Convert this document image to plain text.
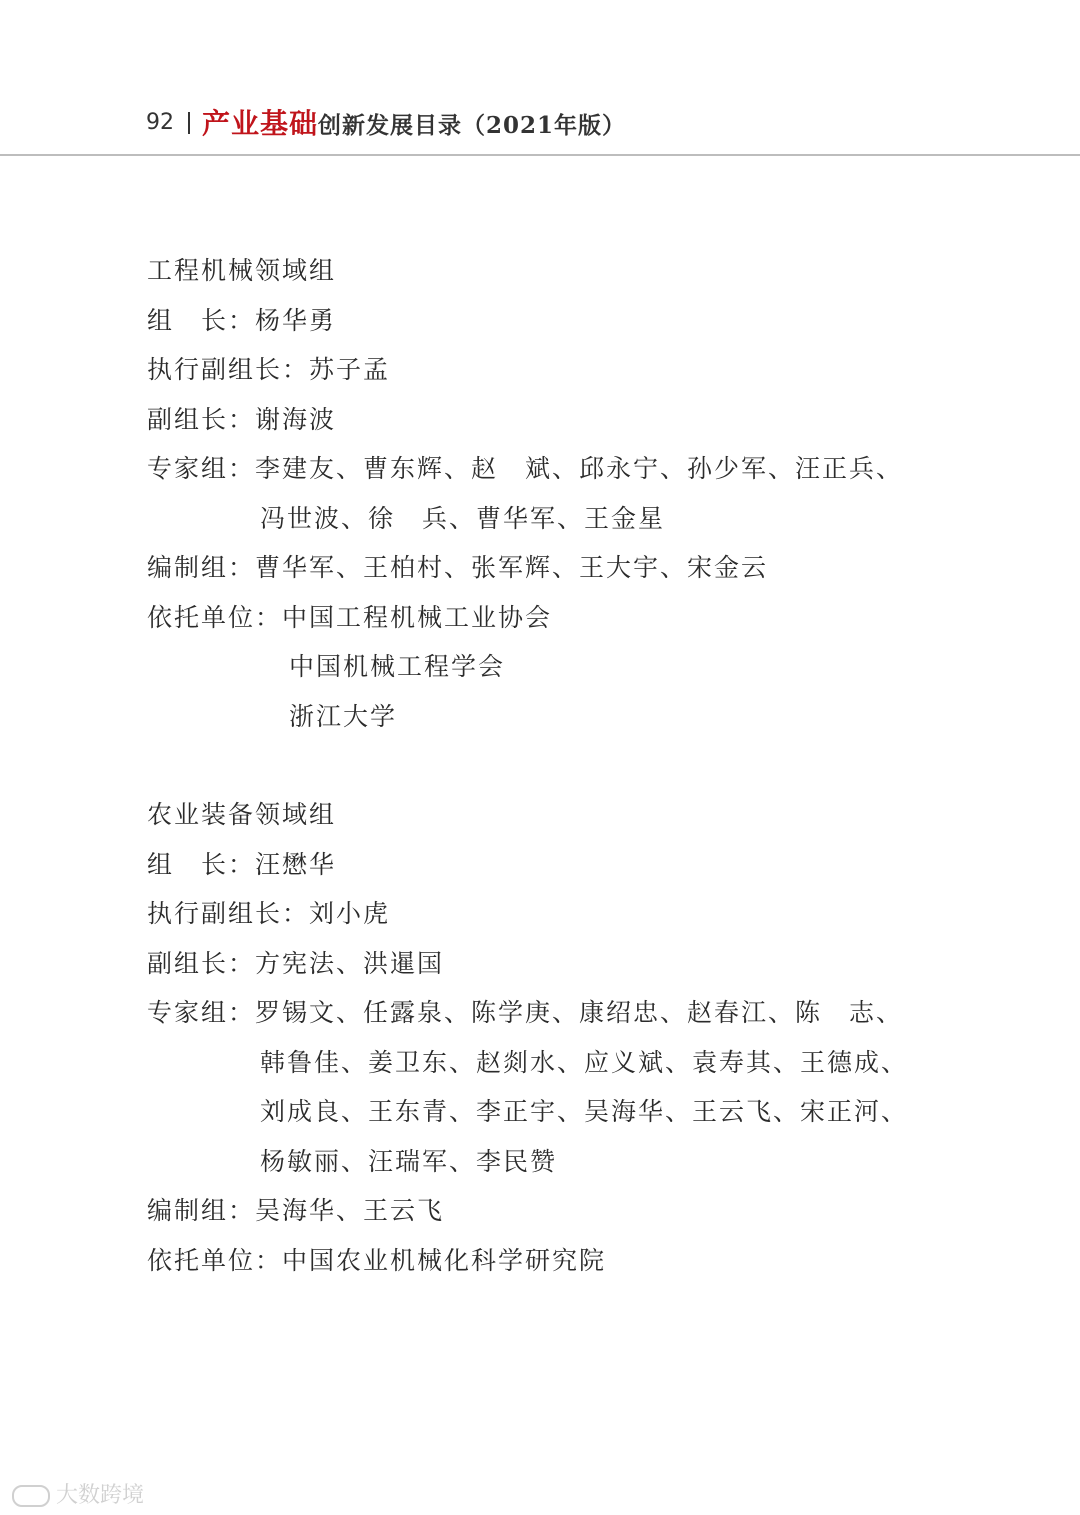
92 产业基础创新发展目录（2021年版）
工程机械领域组
组　长：杨华勇
执行副组长：苏子孟
副组长：谢海波
专家组：李建友、曹东辉、赵　斌、邱永宁、孙少军、汪正兵、
冯世波、徐　兵、曹华军、王金星
编制组：曹华军、王柏村、张军辉、王大宇、宋金云
依托单位：中国工程机械工业协会
中国机械工程学会
浙江大学
农业装备领域组
组　长：汪懋华
执行副组长：刘小虎
副组长：方宪法、洪暹国
专家组：罗锡文、任露泉、陈学庚、康绍忠、赵春江、陈　志、
韩鲁佳、姜卫东、赵剡水、应义斌、袁寿其、王德成、
刘成良、王东青、李正宇、吴海华、王云飞、宋正河、
杨敏丽、汪瑞军、李民赞
编制组：吴海华、王云飞
依托单位：中国农业机械化科学研究院
大数跨境
